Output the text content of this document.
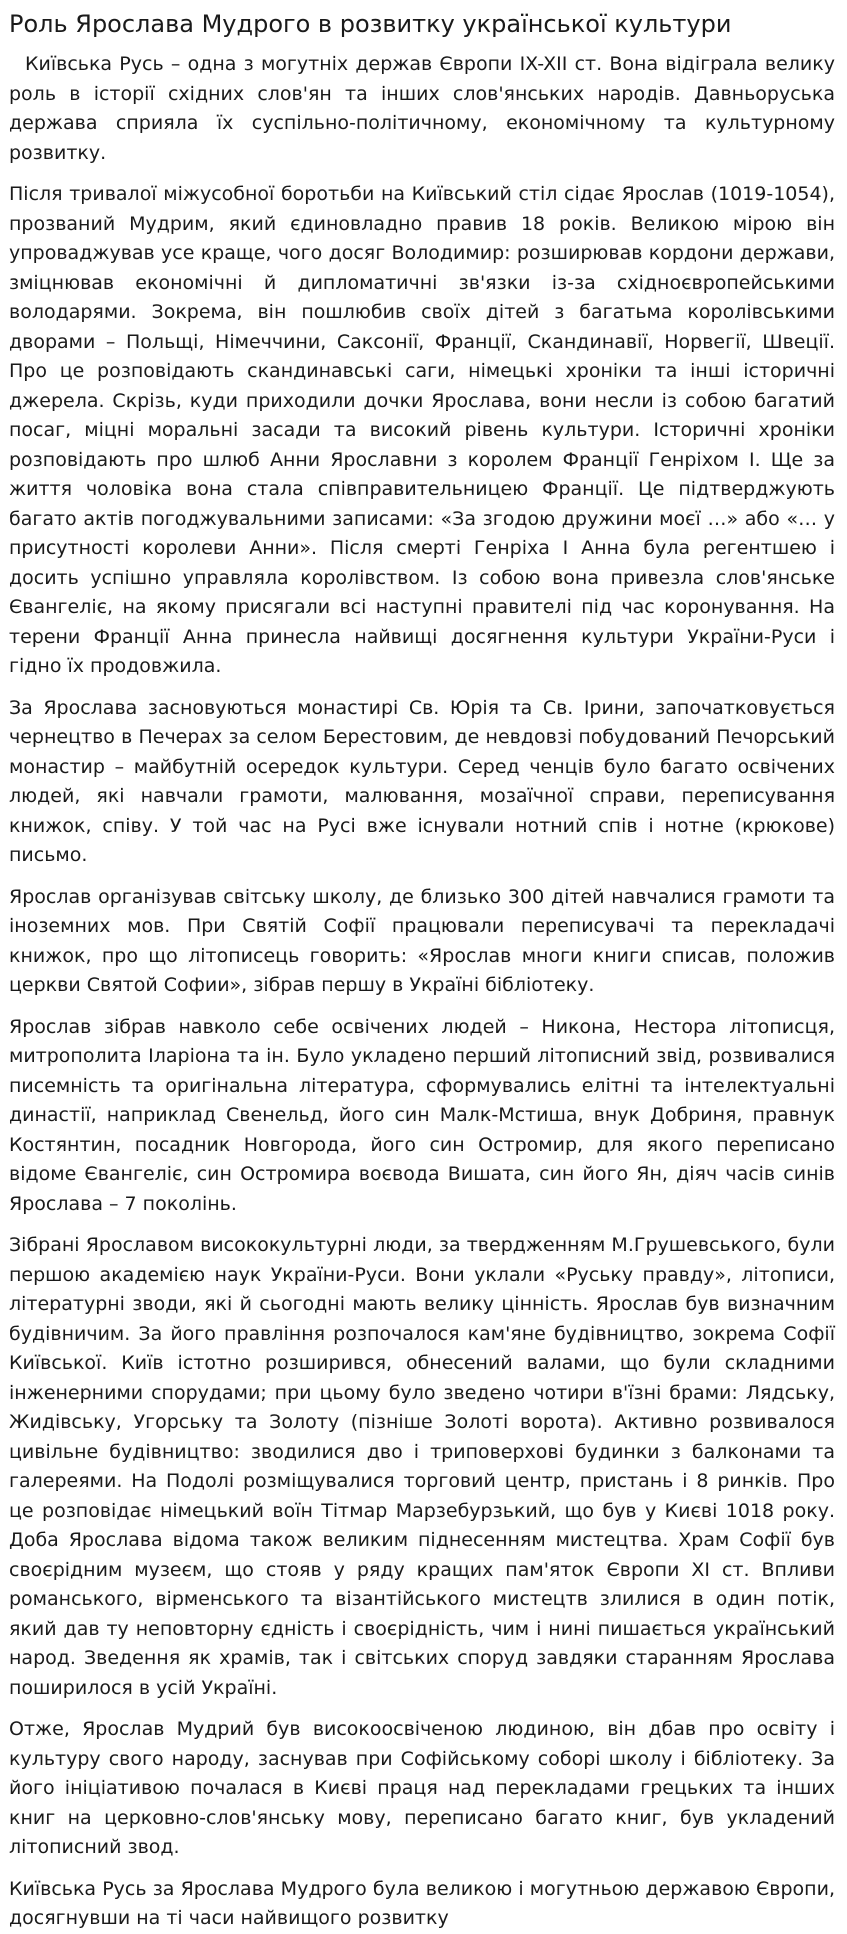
Роль Ярослава Мудрого в розвитку української культури

Київська Русь – одна з могутніх держав Європи IX-XII ст. Вона відіграла велику роль в історії східних слов'ян та інших слов'янських народів. Давньоруська держава сприяла їх суспільно-політичному, економічному та культурному розвитку.

Після тривалої міжусобної боротьби на Київський стіл сідає Ярослав (1019-1054), прозваний Мудрим, який єдиновладно правив 18 років. Великою мірою він упроваджував усе краще, чого досяг Володимир: розширював кордони держави, зміцнював економічні й дипломатичні зв'язки із-за східноєвропейськими володарями. Зокрема, він пошлюбив своїх дітей з багатьма королівськими дворами – Польщі, Німеччини, Саксонії, Франції, Скандинавії, Норвегії, Швеції. Про це розповідають скандинавські саги, німецькі хроніки та інші історичні джерела. Скрізь, куди приходили дочки Ярослава, вони несли із собою багатий посаг, міцні моральні засади та високий рівень культури. Історичні хроніки розповідають про шлюб Анни Ярославни з королем Франції Генріхом І. Ще за життя чоловіка вона стала співправительницею Франції. Це підтверджують багато актів погоджувальними записами: «За згодою дружини моєї …» або «… у присутності королеви Анни». Після смерті Генріха І Анна була регентшею і досить успішно управляла королівством. Із собою вона привезла слов'янське Євангеліє, на якому присягали всі наступні правителі під час коронування. На терени Франції Анна принесла найвищі досягнення культури України-Руси і гідно їх продовжила.

За Ярослава засновуються монастирі Св. Юрія та Св. Ірини, започатковується чернецтво в Печерах за селом Берестовим, де невдовзі побудований Печорський монастир – майбутній осередок культури. Серед ченців було багато освічених людей, які навчали грамоти, малювання, мозаїчної справи, переписування книжок, співу. У той час на Русі вже існували нотний спів і нотне (крюкове) письмо.

Ярослав організував світську школу, де близько 300 дітей навчалися грамоти та іноземних мов. При Святій Софії працювали переписувачі та перекладачі книжок, про що літописець говорить: «Ярослав многи книги списав, положив церкви Святой Софии», зібрав першу в Україні бібліотеку.

Ярослав зібрав навколо себе освічених людей – Никона, Нестора літописця, митрополита Іларіона та ін. Було укладено перший літописний звід, розвивалися писемність та оригінальна література, сформувались елітні та інтелектуальні династії, наприклад Свенельд, його син Малк-Мстиша, внук Добриня, правнук Костянтин, посадник Новгорода, його син Остромир, для якого переписано відоме Євангеліє, син Остромира воєвода Вишата, син його Ян, діяч часів синів Ярослава – 7 поколінь.

Зібрані Ярославом висококультурні люди, за твердженням М.Грушевського, були першою академією наук України-Руси. Вони уклали «Руську правду», літописи, літературні зводи, які й сьогодні мають велику цінність. Ярослав був визначним будівничим. За його правління розпочалося кам'яне будівництво, зокрема Софії Київської. Київ істотно розширився, обнесений валами, що були складними інженерними спорудами; при цьому було зведено чотири в'їзні брами: Лядську, Жидівську, Угорську та Золоту (пізніше Золоті ворота). Активно розвивалося цивільне будівництво: зводилися дво і триповерхові будинки з балконами та галереями. На Подолі розміщувалися торговий центр, пристань і 8 ринків. Про це розповідає німецький воїн Тітмар Марзебурзький, що був у Києві 1018 року. Доба Ярослава відома також великим піднесенням мистецтва. Храм Софії був своєрідним музеєм, що стояв у ряду кращих пам'яток Європи XI ст. Впливи романського, вірменського та візантійського мистецтв злилися в один потік, який дав ту неповторну єдність і своєрідність, чим і нині пишається український народ. Зведення як храмів, так і світських споруд завдяки старанням Ярослава поширилося в усій Україні.

Отже, Ярослав Мудрий був високоосвіченою людиною, він дбав про освіту і культуру свого народу, заснував при Софійському соборі школу і бібліотеку. За його ініціативою почалася в Києві праця над перекладами грецьких та інших книг на церковно-слов'янську мову, переписано багато книг, був укладений літописний звод.

Київська Русь за Ярослава Мудрого була великою і могутньою державою Європи, досягнувши на ті часи найвищого розвитку
